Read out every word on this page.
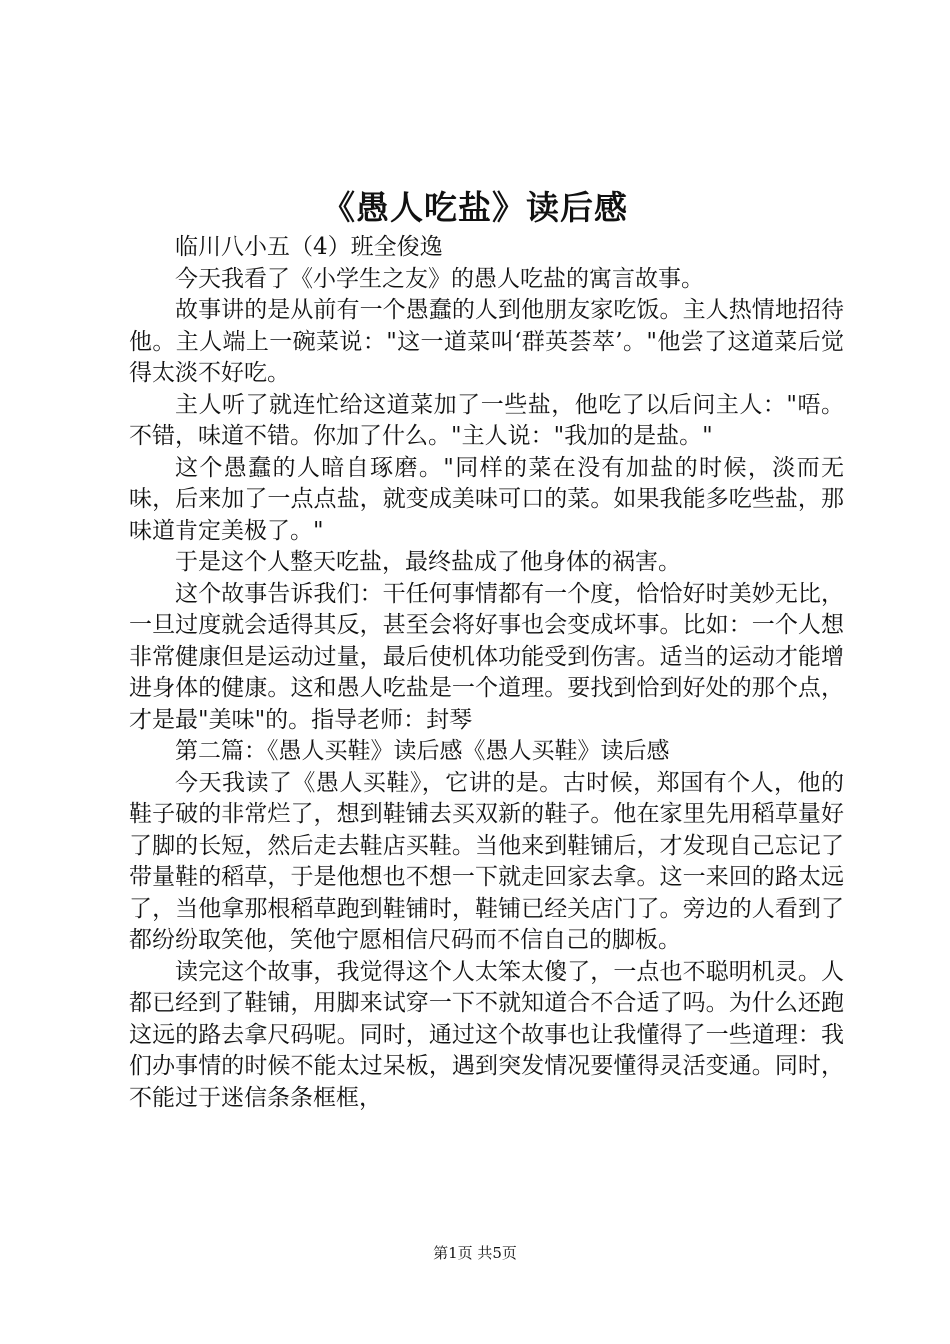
《愚人吃盐》读后感

临川八小五（4）班全俊逸

今天我看了《小学生之友》的愚人吃盐的寓言故事。

故事讲的是从前有一个愚蠢的人到他朋友家吃饭。主人热情地招待他。主人端上一碗菜说："这一道菜叫‘群英荟萃’。"他尝了这道菜后觉得太淡不好吃。

主人听了就连忙给这道菜加了一些盐，他吃了以后问主人："唔。不错，味道不错。你加了什么。"主人说："我加的是盐。"

这个愚蠢的人暗自琢磨。"同样的菜在没有加盐的时候，淡而无味，后来加了一点点盐，就变成美味可口的菜。如果我能多吃些盐，那味道肯定美极了。"

于是这个人整天吃盐，最终盐成了他身体的祸害。

这个故事告诉我们：干任何事情都有一个度，恰恰好时美妙无比，一旦过度就会适得其反，甚至会将好事也会变成坏事。比如：一个人想非常健康但是运动过量，最后使机体功能受到伤害。适当的运动才能增进身体的健康。这和愚人吃盐是一个道理。要找到恰到好处的那个点，才是最"美味"的。指导老师：封琴

第二篇：《愚人买鞋》读后感《愚人买鞋》读后感

今天我读了《愚人买鞋》，它讲的是。古时候，郑国有个人，他的鞋子破的非常烂了，想到鞋铺去买双新的鞋子。他在家里先用稻草量好了脚的长短，然后走去鞋店买鞋。当他来到鞋铺后，才发现自己忘记了带量鞋的稻草，于是他想也不想一下就走回家去拿。这一来回的路太远了，当他拿那根稻草跑到鞋铺时，鞋铺已经关店门了。旁边的人看到了都纷纷取笑他，笑他宁愿相信尺码而不信自己的脚板。

读完这个故事，我觉得这个人太笨太傻了，一点也不聪明机灵。人都已经到了鞋铺，用脚来试穿一下不就知道合不合适了吗。为什么还跑这远的路去拿尺码呢。同时，通过这个故事也让我懂得了一些道理：我们办事情的时候不能太过呆板，遇到突发情况要懂得灵活变通。同时，不能过于迷信条条框框，

第1页 共5页
